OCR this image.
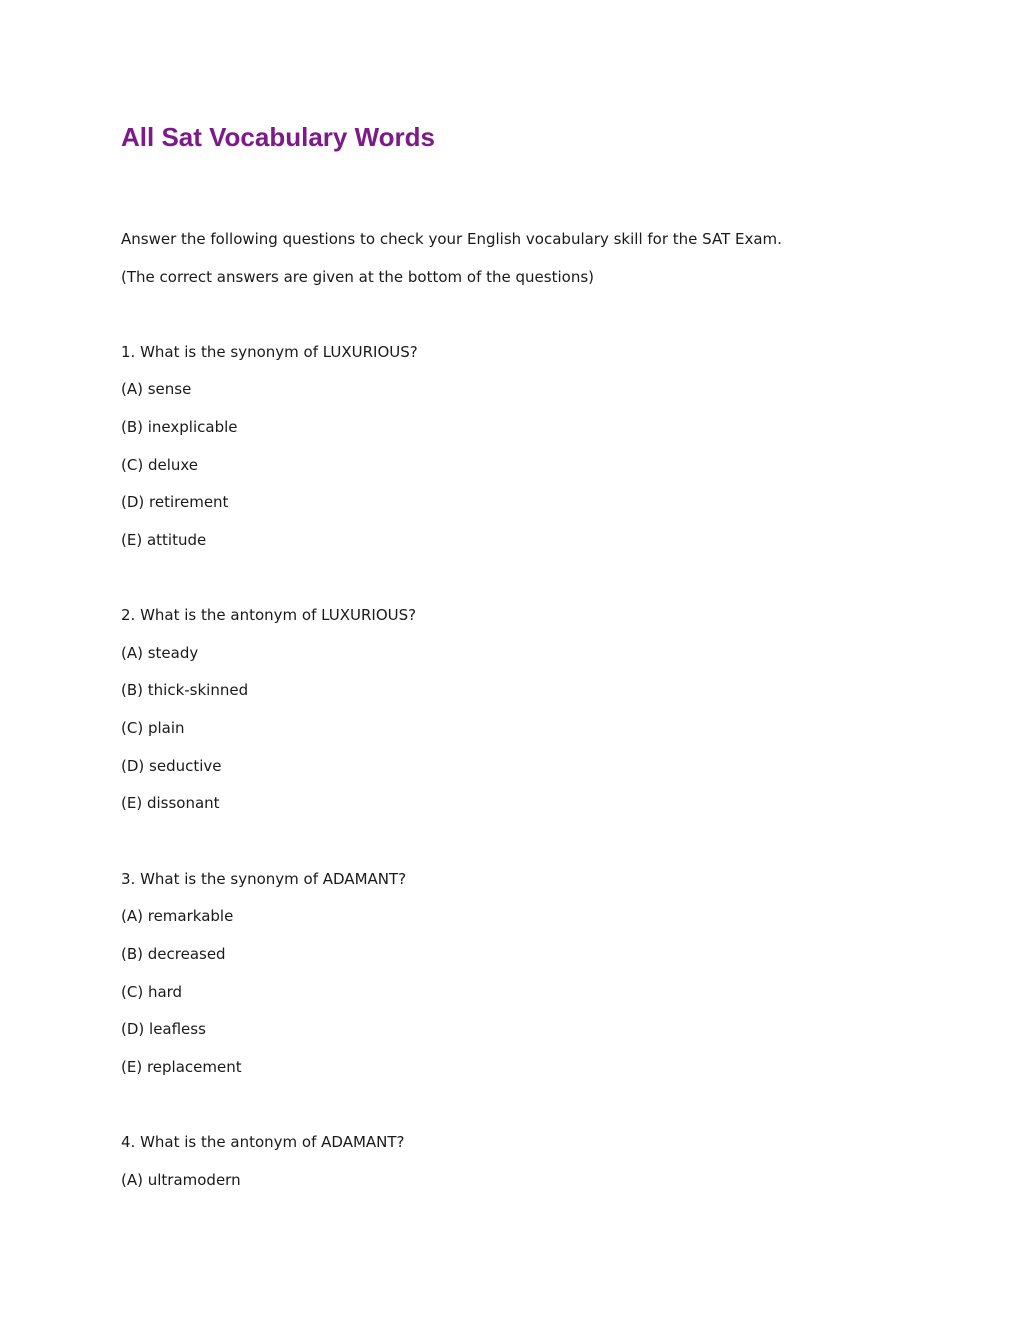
All Sat Vocabulary Words

Answer the following questions to check your English vocabulary skill for the SAT Exam.

(The correct answers are given at the bottom of the questions)

1. What is the synonym of LUXURIOUS?

(A) sense

(B) inexplicable

(C) deluxe

(D) retirement

(E) attitude

2. What is the antonym of LUXURIOUS?

(A) steady

(B) thick-skinned

(C) plain

(D) seductive

(E) dissonant

3. What is the synonym of ADAMANT?

(A) remarkable

(B) decreased

(C) hard

(D) leafless

(E) replacement

4. What is the antonym of ADAMANT?

(A) ultramodern
